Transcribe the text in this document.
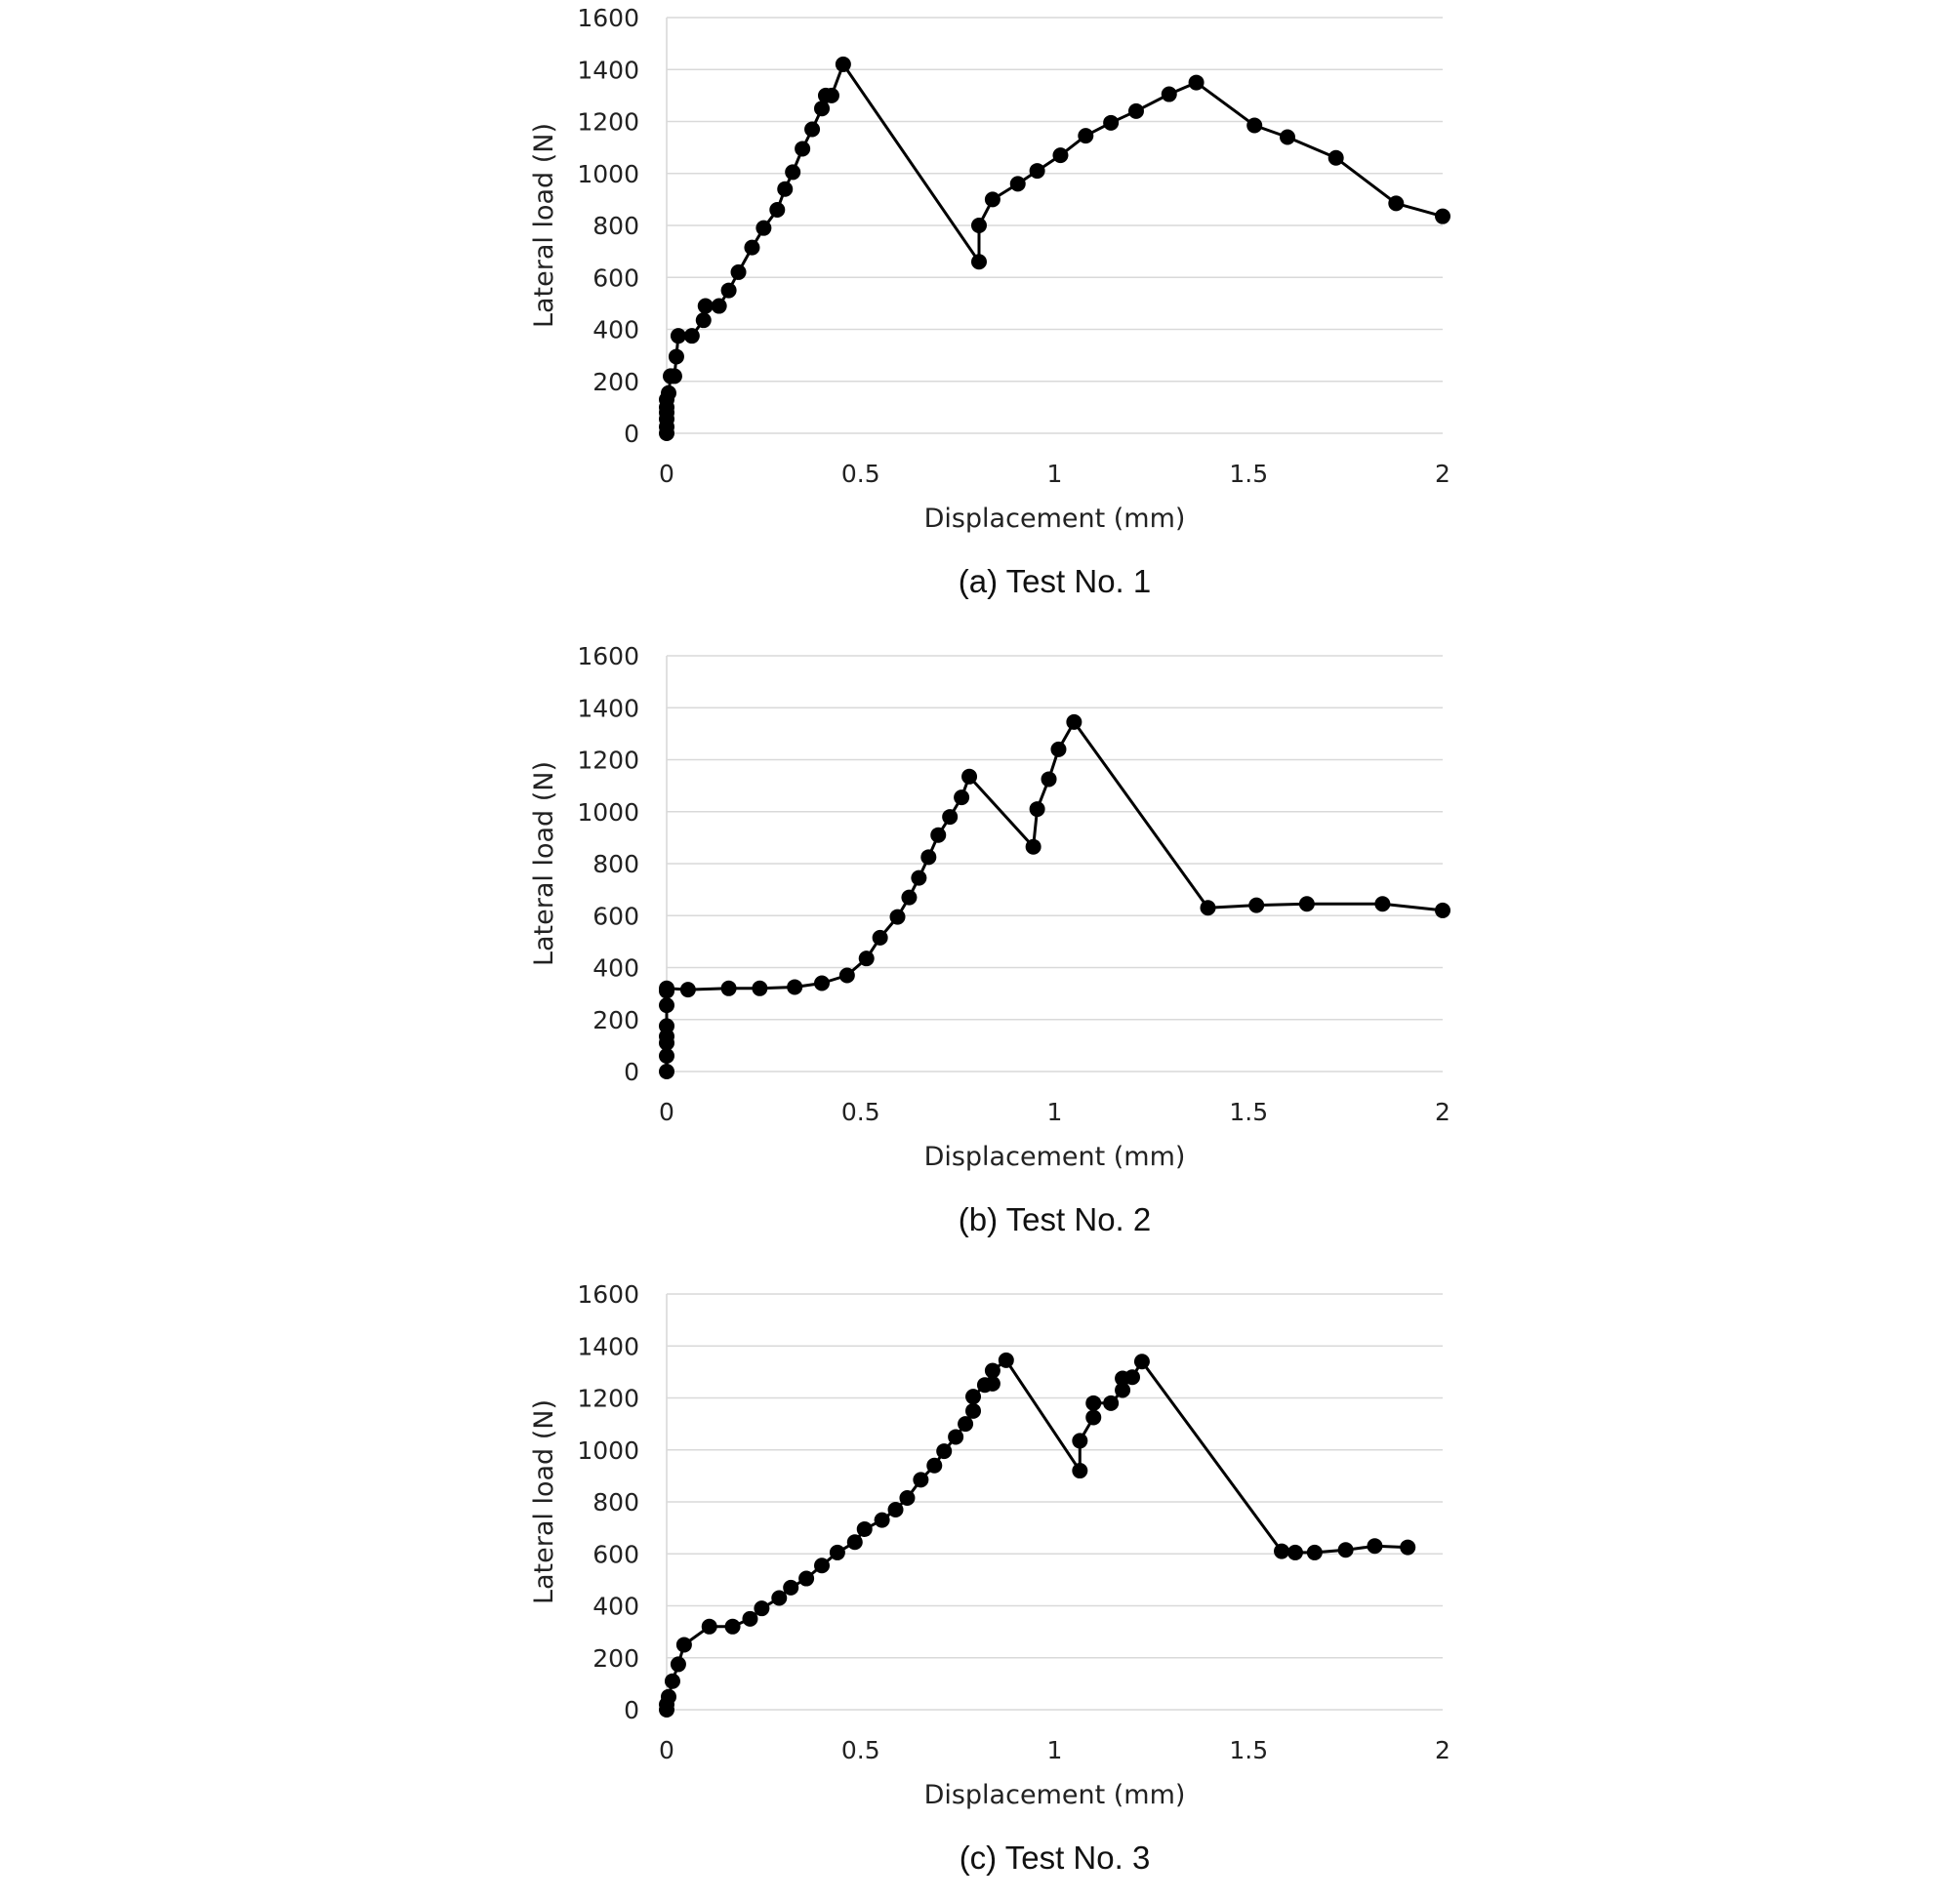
0
200
400
600
800
1000
1200
1400
1600
0	0.5	1	1.5	2
Displacement (mm)
Lateral load (N)
(a) Test No. 1
0
200
400
600
800
1000
1200
1400
1600
0	0.5	1	1.5	2
Displacement (mm)
Lateral load (N)
(b) Test No. 2
0
200
400
600
800
1000
1200
1400
1600
0	0.5	1	1.5	2
Displacement (mm)
Lateral load (N)
(c) Test No. 3
